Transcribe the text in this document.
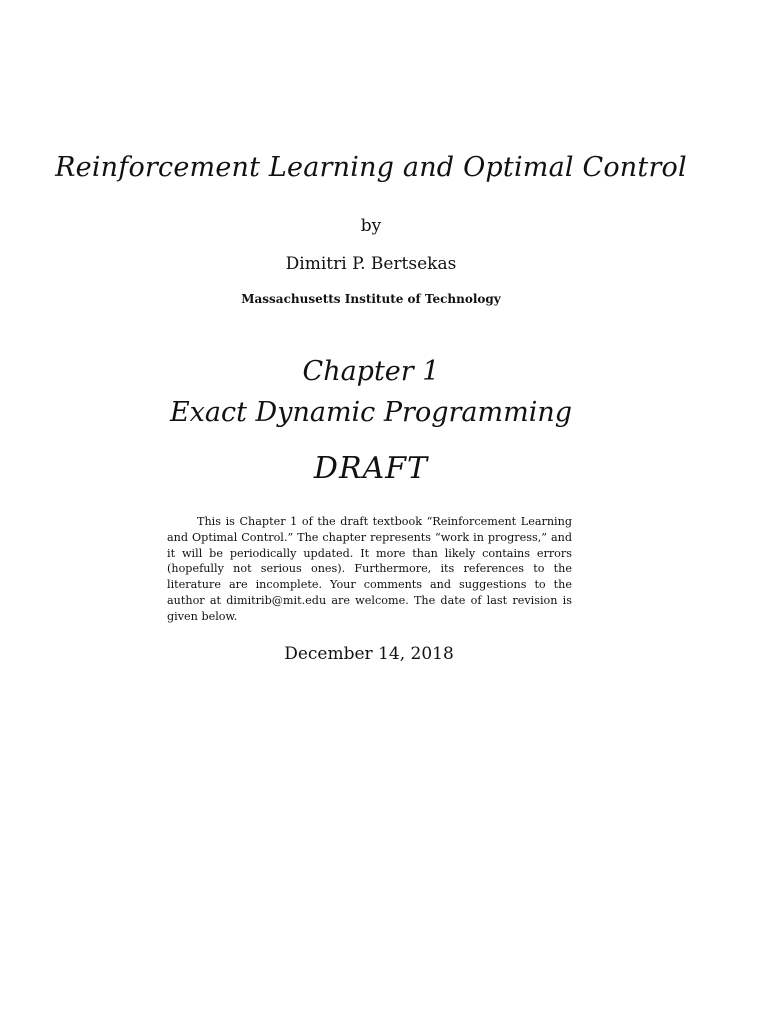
Reinforcement Learning and Optimal Control
by
Dimitri P. Bertsekas
Massachusetts Institute of Technology
Chapter 1
Exact Dynamic Programming
DRAFT

This is Chapter 1 of the draft textbook “Reinforcement Learning and Optimal Control.” The chapter represents “work in progress,” and it will be periodically updated. It more than likely contains errors (hopefully not serious ones). Furthermore, its references to the literature are incomplete. Your comments and suggestions to the author at dimitrib@mit.edu are welcome. The date of last revision is given below.

December 14, 2018
